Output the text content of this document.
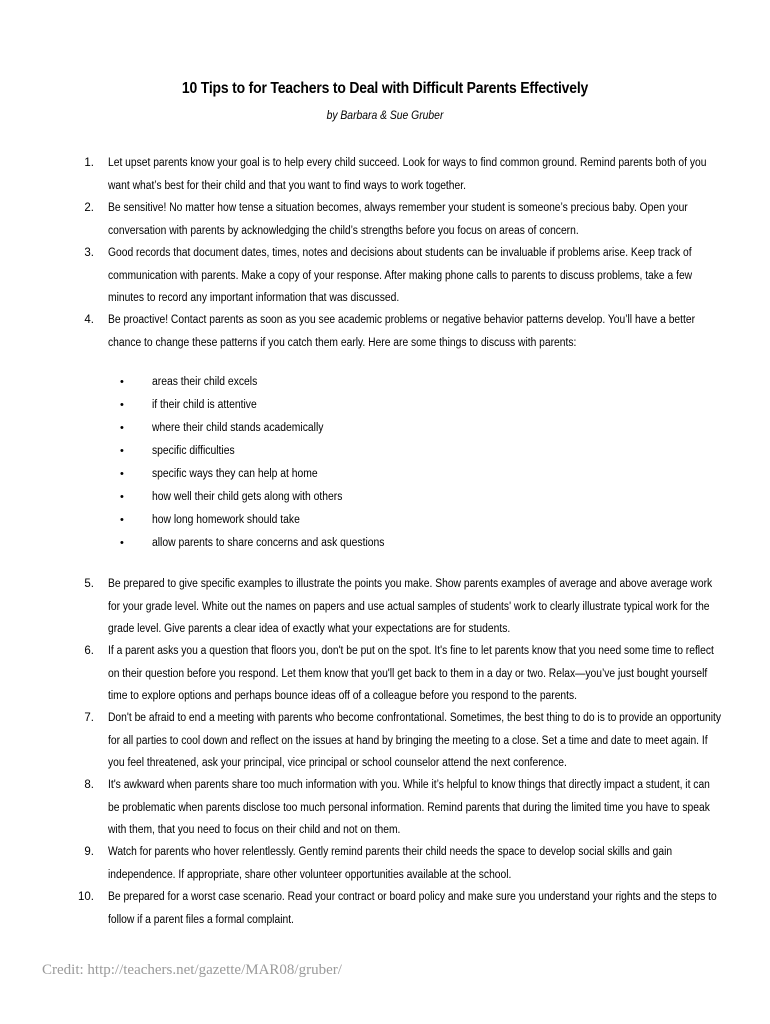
10 Tips to for Teachers to Deal with Difficult Parents Effectively
by Barbara & Sue Gruber
1. Let upset parents know your goal is to help every child succeed. Look for ways to find common ground. Remind parents both of you
want what’s best for their child and that you want to find ways to work together.
2. Be sensitive! No matter how tense a situation becomes, always remember your student is someone’s precious baby. Open your
conversation with parents by acknowledging the child’s strengths before you focus on areas of concern.
3. Good records that document dates, times, notes and decisions about students can be invaluable if problems arise. Keep track of
communication with parents. Make a copy of your response. After making phone calls to parents to discuss problems, take a few
minutes to record any important information that was discussed.
4. Be proactive! Contact parents as soon as you see academic problems or negative behavior patterns develop. You’ll have a better
chance to change these patterns if you catch them early. Here are some things to discuss with parents:
• areas their child excels
• if their child is attentive
• where their child stands academically
• specific difficulties
• specific ways they can help at home
• how well their child gets along with others
• how long homework should take
• allow parents to share concerns and ask questions
5. Be prepared to give specific examples to illustrate the points you make. Show parents examples of average and above average work
for your grade level. White out the names on papers and use actual samples of students' work to clearly illustrate typical work for the
grade level. Give parents a clear idea of exactly what your expectations are for students.
6. If a parent asks you a question that floors you, don't be put on the spot. It's fine to let parents know that you need some time to reflect
on their question before you respond. Let them know that you'll get back to them in a day or two. Relax—you’ve just bought yourself
time to explore options and perhaps bounce ideas off of a colleague before you respond to the parents.
7. Don't be afraid to end a meeting with parents who become confrontational. Sometimes, the best thing to do is to provide an opportunity
for all parties to cool down and reflect on the issues at hand by bringing the meeting to a close. Set a time and date to meet again. If
you feel threatened, ask your principal, vice principal or school counselor attend the next conference.
8. It's awkward when parents share too much information with you. While it’s helpful to know things that directly impact a student, it can
be problematic when parents disclose too much personal information. Remind parents that during the limited time you have to speak
with them, that you need to focus on their child and not on them.
9. Watch for parents who hover relentlessly. Gently remind parents their child needs the space to develop social skills and gain
independence. If appropriate, share other volunteer opportunities available at the school.
10. Be prepared for a worst case scenario. Read your contract or board policy and make sure you understand your rights and the steps to
follow if a parent files a formal complaint.
Credit: http://teachers.net/gazette/MAR08/gruber/
